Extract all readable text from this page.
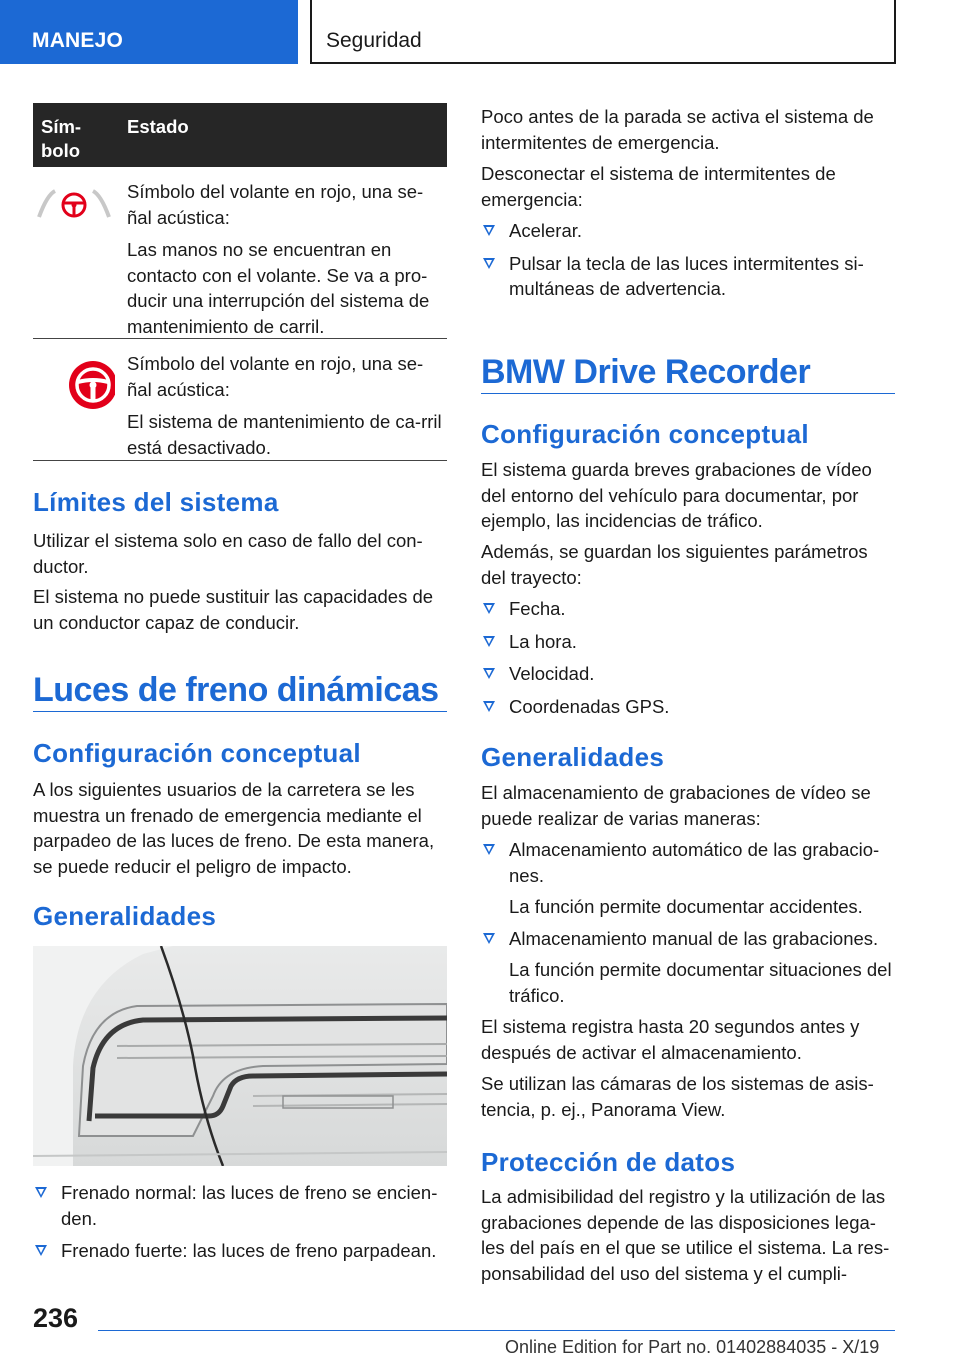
MANEJO	Seguridad
Sím-
bolo
Estado

Símbolo del volante en rojo, una se-ñal acústica:

Las manos no se encuentran en contacto con el volante. Se va a pro-ducir una interrupción del sistema de mantenimiento de carril.

Símbolo del volante en rojo, una se-ñal acústica:

El sistema de mantenimiento de ca-rril está desactivado.

Límites del sistema

Utilizar el sistema solo en caso de fallo del con-ductor.

El sistema no puede sustituir las capacidades de un conductor capaz de conducir.

Luces de freno dinámicas
Configuración conceptual

A los siguientes usuarios de la carretera se les muestra un frenado de emergencia mediante el parpadeo de las luces de freno. De esta manera, se puede reducir el peligro de impacto.

Generalidades
Frenado normal: las luces de freno se encien-den.
Frenado fuerte: las luces de freno parpadean.

Poco antes de la parada se activa el sistema de intermitentes de emergencia.

Desconectar el sistema de intermitentes de emergencia:

Acelerar.
Pulsar la tecla de las luces intermitentes si-multáneas de advertencia.
BMW Drive Recorder
Configuración conceptual

El sistema guarda breves grabaciones de vídeo del entorno del vehículo para documentar, por ejemplo, las incidencias de tráfico.

Además, se guardan los siguientes parámetros del trayecto:

Fecha.
La hora.
Velocidad.
Coordenadas GPS.
Generalidades

El almacenamiento de grabaciones de vídeo se puede realizar de varias maneras:

Almacenamiento automático de las grabacio-nes.
La función permite documentar accidentes.
Almacenamiento manual de las grabaciones.
La función permite documentar situaciones del tráfico.

El sistema registra hasta 20 segundos antes y después de activar el almacenamiento.

Se utilizan las cámaras de los sistemas de asis-tencia, p. ej., Panorama View.

Protección de datos

La admisibilidad del registro y la utilización de las grabaciones depende de las disposiciones lega-les del país en el que se utilice el sistema. La res-ponsabilidad del uso del sistema y el cumpli-

236
Online Edition for Part no. 01402884035 - X/19
